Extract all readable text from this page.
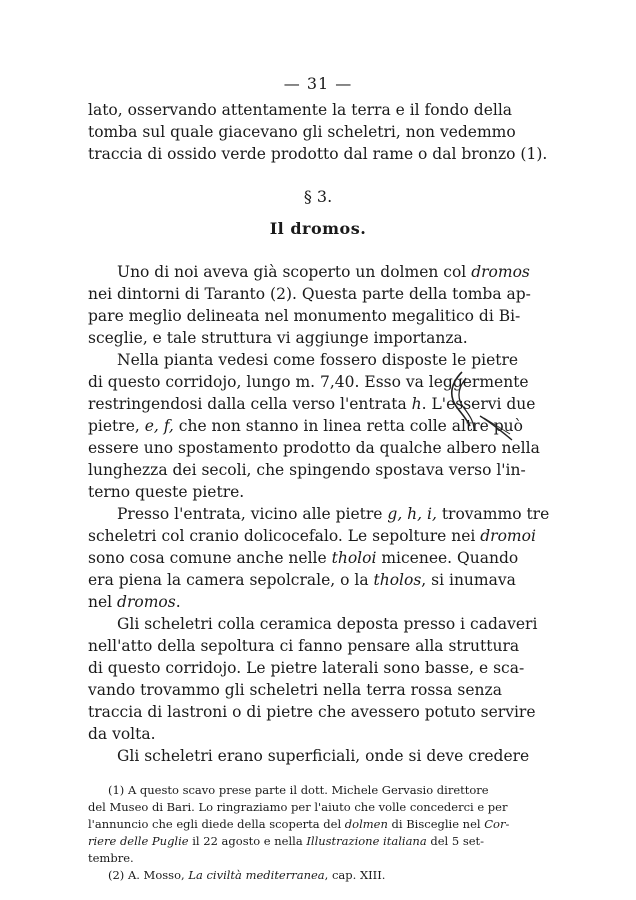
— 31 —
lato, osservando attentamente la terra e il fondo della
tomba sul quale giacevano gli scheletri, non vedemmo
traccia di ossido verde prodotto dal rame o dal bronzo (1).
§ 3.
Il dromos.
Uno di noi aveva già scoperto un dolmen col dromos
nei dintorni di Taranto (2). Questa parte della tomba ap-
pare meglio delineata nel monumento megalitico di Bi-
sceglie, e tale struttura vi aggiunge importanza.
Nella pianta vedesi come fossero disposte le pietre
di questo corridojo, lungo m. 7,40. Esso va leggermente
restringendosi dalla cella verso l'entrata h. L'esservi due
pietre, e, f, che non stanno in linea retta colle altre può
essere uno spostamento prodotto da qualche albero nella
lunghezza dei secoli, che spingendo spostava verso l'in-
terno queste pietre.
Presso l'entrata, vicino alle pietre g, h, i, trovammo tre
scheletri col cranio dolicocefalo. Le sepolture nei dromoi
sono cosa comune anche nelle tholoi micenee. Quando
era piena la camera sepolcrale, o la tholos, si inumava
nel dromos.
Gli scheletri colla ceramica deposta presso i cadaveri
nell'atto della sepoltura ci fanno pensare alla struttura
di questo corridojo. Le pietre laterali sono basse, e sca-
vando trovammo gli scheletri nella terra rossa senza
traccia di lastroni o di pietre che avessero potuto servire
da volta.
Gli scheletri erano superficiali, onde si deve credere
(1) A questo scavo prese parte il dott. Michele Gervasio direttore
del Museo di Bari. Lo ringraziamo per l'aiuto che volle concederci e per
l'annuncio che egli diede della scoperta del dolmen di Bisceglie nel Cor-
riere delle Puglie il 22 agosto e nella Illustrazione italiana del 5 set-
tembre.
(2) A. Mosso, La civiltà mediterranea, cap. XIII.
